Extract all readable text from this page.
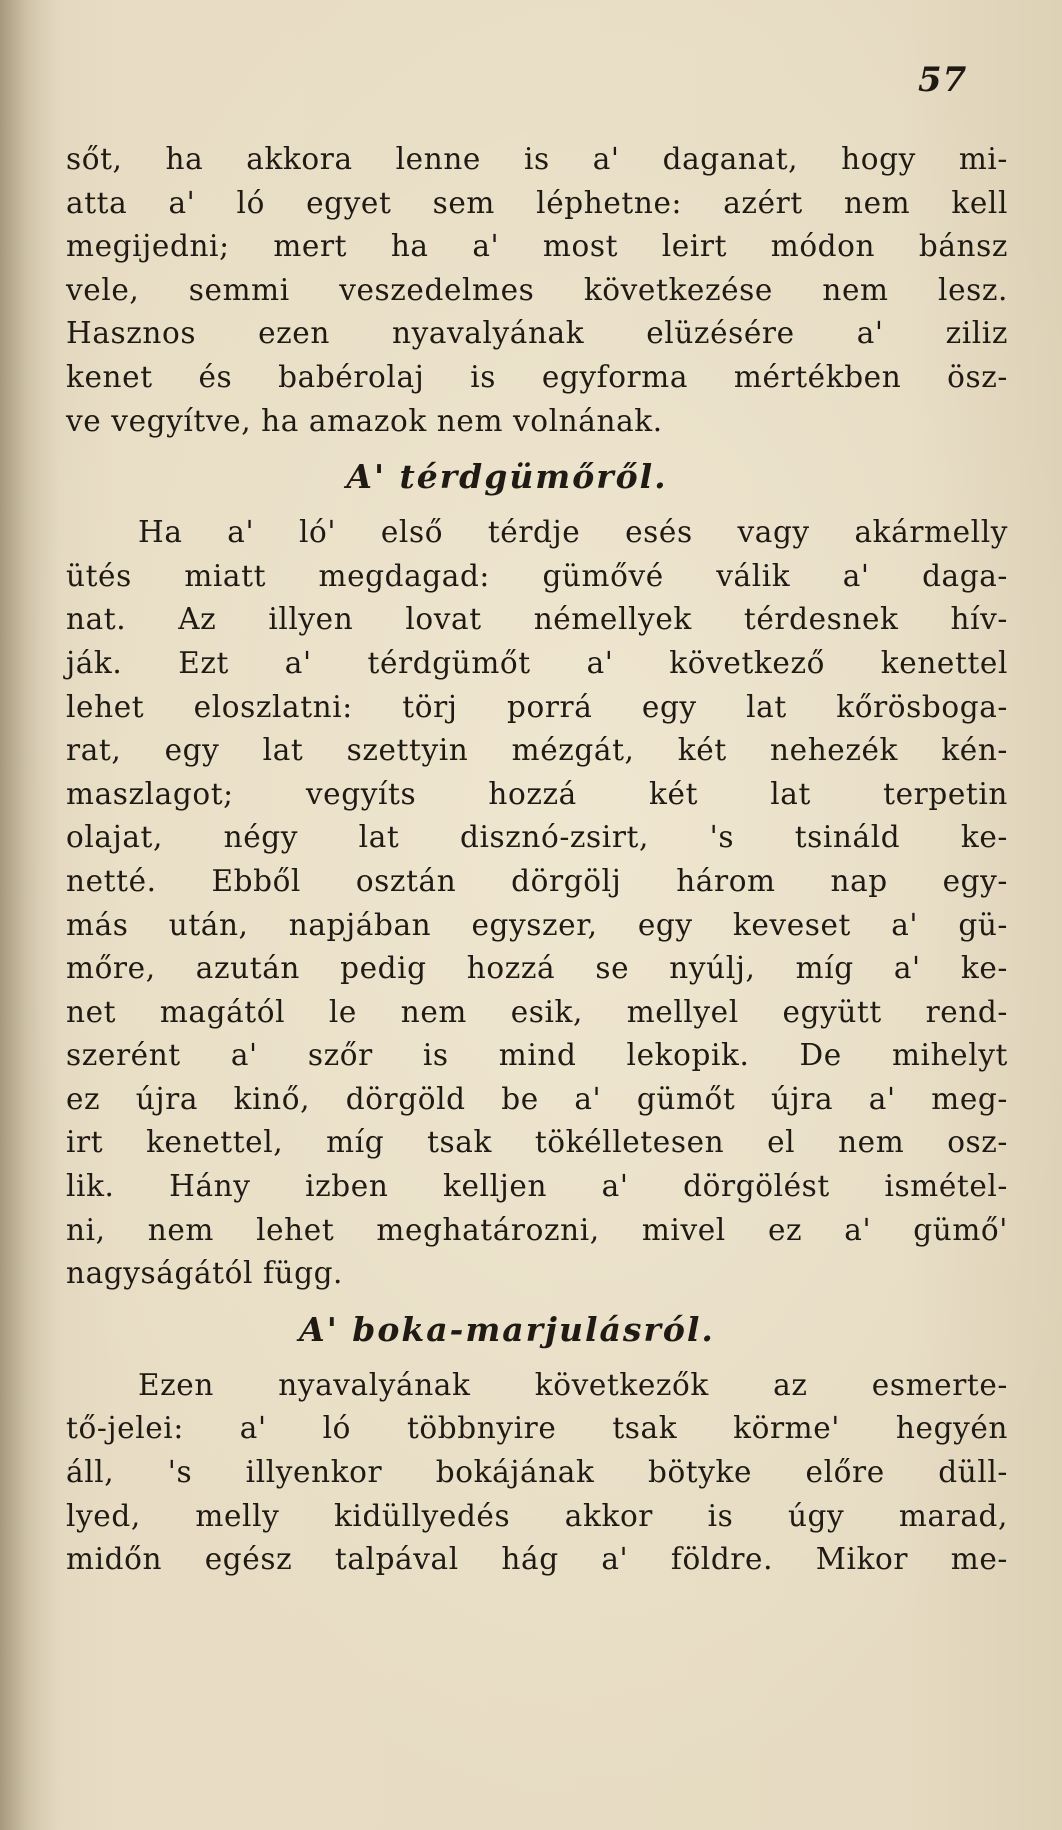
57
sőt, ha akkora lenne is a' daganat, hogy mi-
atta a' ló egyet sem léphetne: azért nem kell
megijedni; mert ha a' most leirt módon bánsz
vele, semmi veszedelmes következése nem lesz.
Hasznos ezen nyavalyának elüzésére a' ziliz
kenet és babérolaj is egyforma mértékben ösz-
ve vegyítve, ha amazok nem volnának.
A' térdgümőről.
Ha a' ló' első térdje esés vagy akármelly
ütés miatt megdagad: gümővé válik a' daga-
nat. Az illyen lovat némellyek térdesnek hív-
ják. Ezt a' térdgümőt a' következő kenettel
lehet eloszlatni: törj porrá egy lat kőrösboga-
rat, egy lat szettyin mézgát, két nehezék kén-
maszlagot; vegyíts hozzá két lat terpetin
olajat, négy lat disznó-zsirt, 's tsináld ke-
netté. Ebből osztán dörgölj három nap egy-
más után, napjában egyszer, egy keveset a' gü-
mőre, azután pedig hozzá se nyúlj, míg a' ke-
net magától le nem esik, mellyel együtt rend-
szerént a' szőr is mind lekopik. De mihelyt
ez újra kinő, dörgöld be a' gümőt újra a' meg-
irt kenettel, míg tsak tökélletesen el nem osz-
lik. Hány izben kelljen a' dörgölést ismétel-
ni, nem lehet meghatározni, mivel ez a' gümő'
nagyságától függ.
A' boka-marjulásról.
Ezen nyavalyának következők az esmerte-
tő-jelei: a' ló többnyire tsak körme' hegyén
áll, 's illyenkor bokájának bötyke előre düll-
lyed, melly kidüllyedés akkor is úgy marad,
midőn egész talpával hág a' földre. Mikor me-
